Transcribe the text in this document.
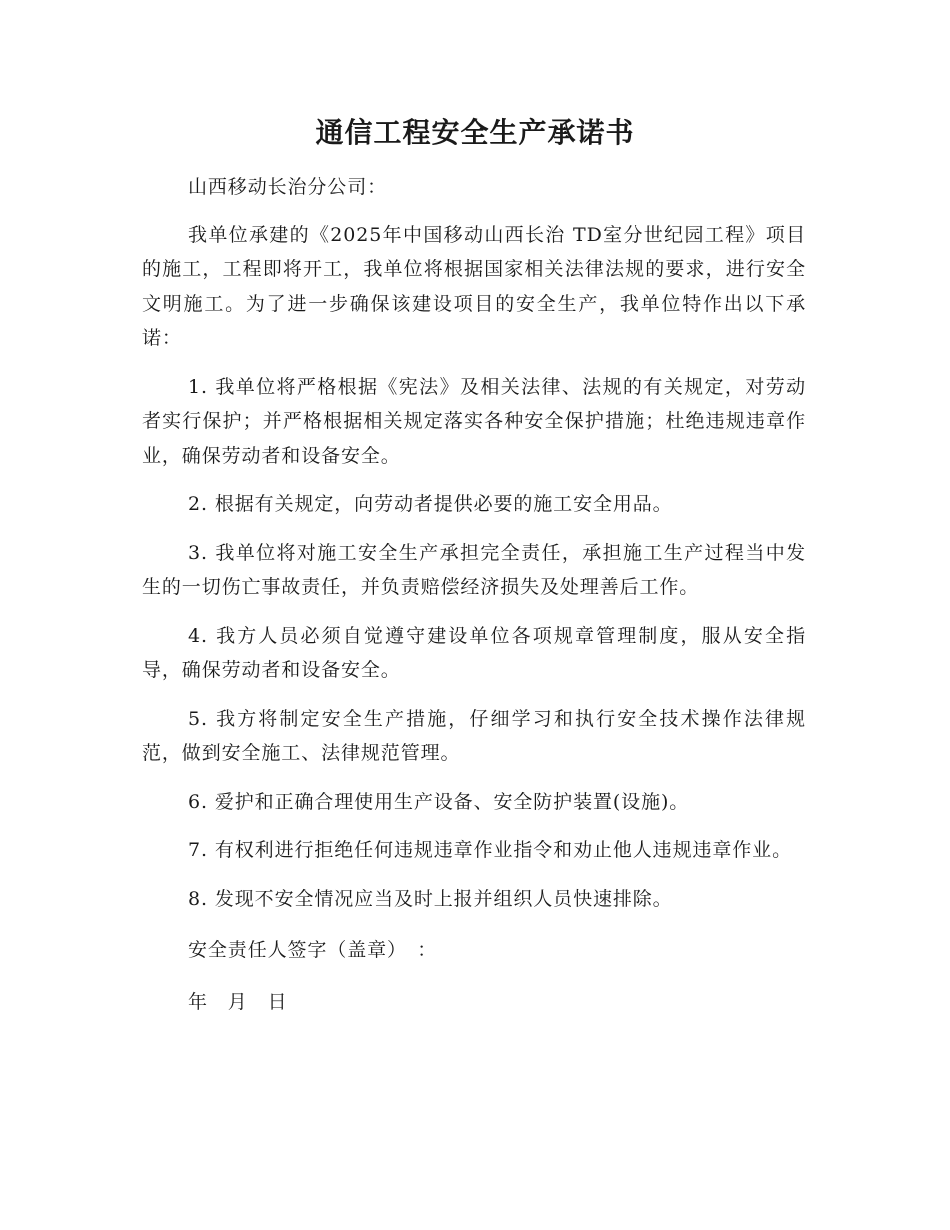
通信工程安全生产承诺书

山西移动长治分公司：

我单位承建的《2025年中国移动山西长治 TD室分世纪园工程》项目的施工，工程即将开工，我单位将根据国家相关法律法规的要求，进行安全文明施工。为了进一步确保该建设项目的安全生产，我单位特作出以下承诺：

1. 我单位将严格根据《宪法》及相关法律、法规的有关规定，对劳动者实行保护；并严格根据相关规定落实各种安全保护措施；杜绝违规违章作业，确保劳动者和设备安全。

2. 根据有关规定，向劳动者提供必要的施工安全用品。

3. 我单位将对施工安全生产承担完全责任，承担施工生产过程当中发生的一切伤亡事故责任，并负责赔偿经济损失及处理善后工作。

4. 我方人员必须自觉遵守建设单位各项规章管理制度，服从安全指导，确保劳动者和设备安全。

5. 我方将制定安全生产措施，仔细学习和执行安全技术操作法律规范，做到安全施工、法律规范管理。

6. 爱护和正确合理使用生产设备、安全防护装置(设施)。

7. 有权利进行拒绝任何违规违章作业指令和劝止他人违规违章作业。

8. 发现不安全情况应当及时上报并组织人员快速排除。

安全责任人签字（盖章）　：

年　月　日
